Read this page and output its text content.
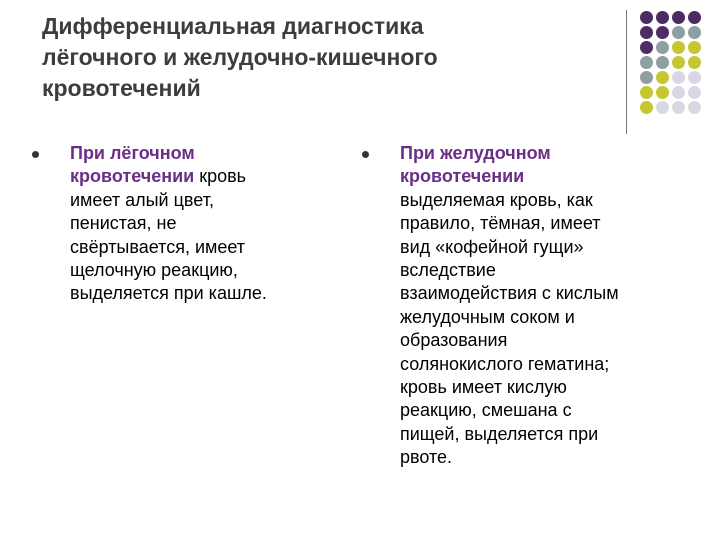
Дифференциальная диагностика
лёгочного и желудочно-кишечного
кровотечений
При лёгочном
кровотечении кровь
имеет алый цвет,
пенистая, не
свёртывается, имеет
щелочную реакцию,
выделяется при кашле.
При желудочном
кровотечении
выделяемая кровь, как
правило, тёмная, имеет
вид «кофейной гущи»
вследствие
взаимодействия с кислым
желудочным соком и
образования
солянокислого гематина;
кровь имеет кислую
реакцию, смешана с
пищей, выделяется при
рвоте.
